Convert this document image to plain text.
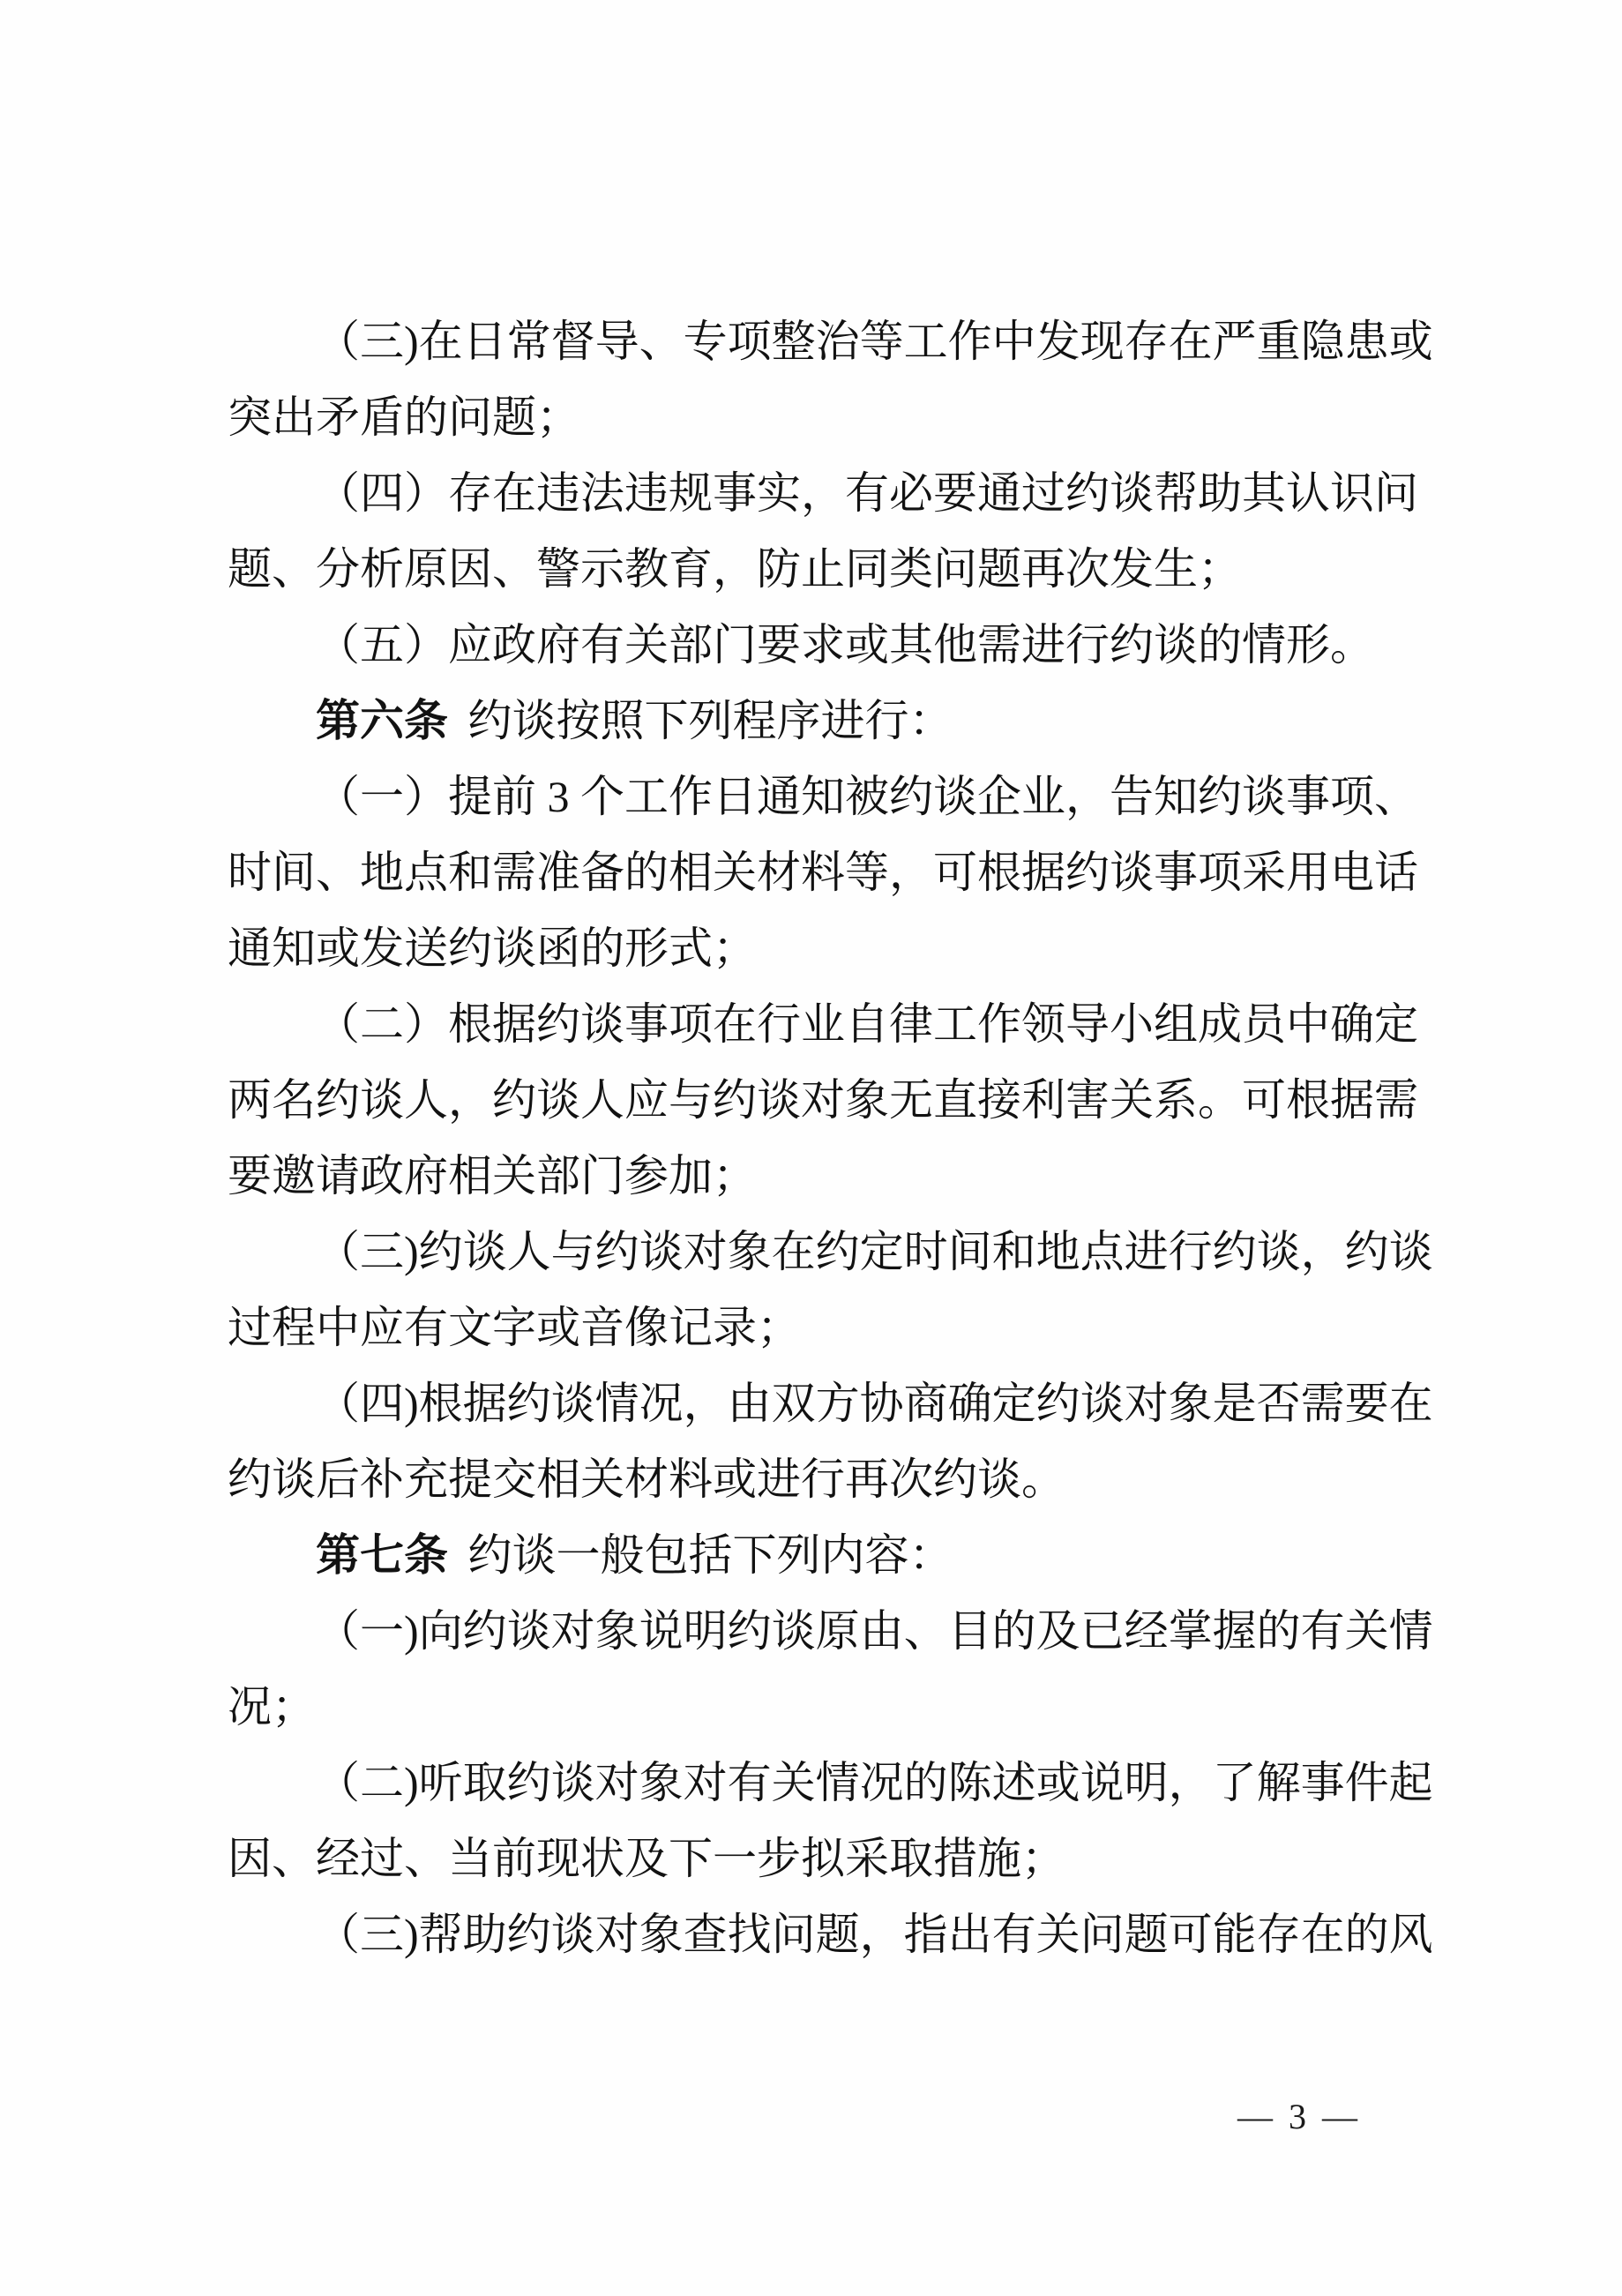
（三)在日常督导、专项整治等工作中发现存在严重隐患或
突出矛盾的问题；
（四）存在违法违规事实，有必要通过约谈帮助其认识问
题、分析原因、警示教育，防止同类问题再次发生；
（五）应政府有关部门要求或其他需进行约谈的情形。
第六条 约谈按照下列程序进行：
（一）提前 3 个工作日通知被约谈企业，告知约谈事项、
时间、地点和需准备的相关材料等，可根据约谈事项采用电话
通知或发送约谈函的形式；
（二）根据约谈事项在行业自律工作领导小组成员中确定
两名约谈人，约谈人应与约谈对象无直接利害关系。可根据需
要邀请政府相关部门参加；
（三)约谈人与约谈对象在约定时间和地点进行约谈，约谈
过程中应有文字或音像记录；
（四)根据约谈情况，由双方协商确定约谈对象是否需要在
约谈后补充提交相关材料或进行再次约谈。
第七条 约谈一般包括下列内容：
（一)向约谈对象说明约谈原由、目的及已经掌握的有关情
况；
（二)听取约谈对象对有关情况的陈述或说明，了解事件起
因、经过、当前现状及下一步拟采取措施；
（三)帮助约谈对象查找问题，指出有关问题可能存在的风
— 3 —
